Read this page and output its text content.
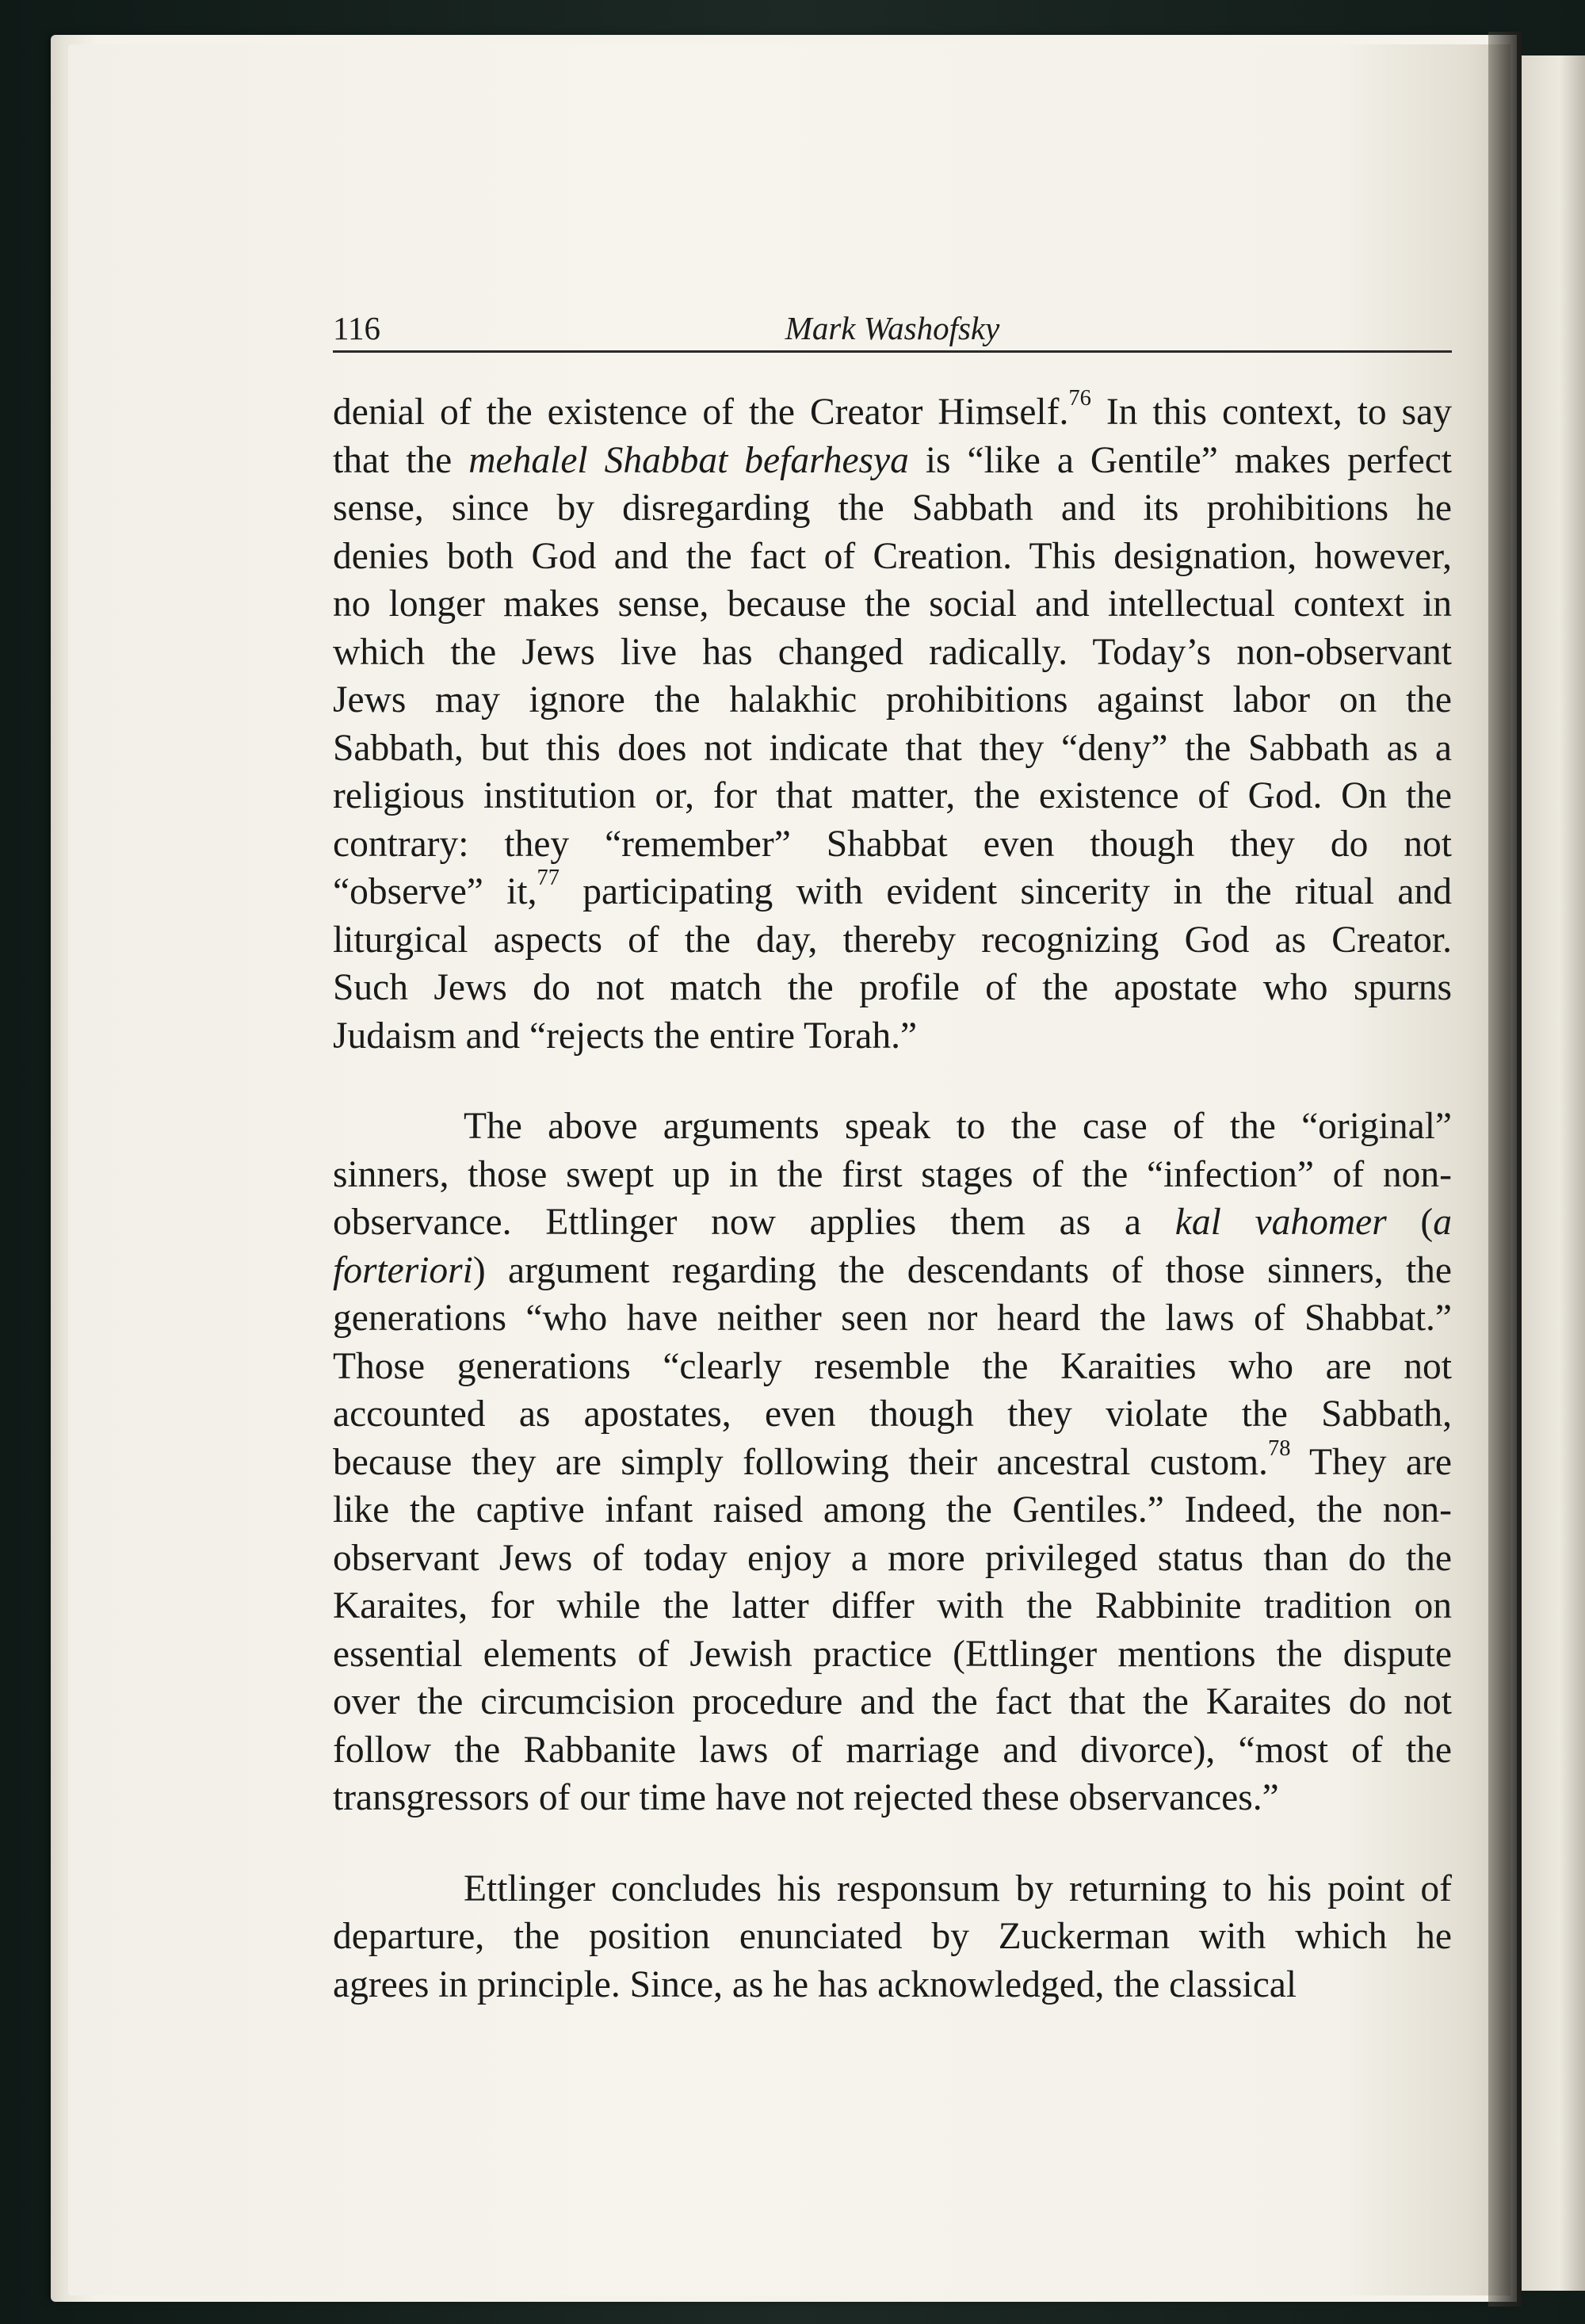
116	Mark Washofsky
denial of the existence of the Creator Himself.$^{76}$ In this context, to say
that the mehalel Shabbat befarhesya is “like a Gentile” makes perfect
sense, since by disregarding the Sabbath and its prohibitions he
denies both God and the fact of Creation. This designation, however,
no longer makes sense, because the social and intellectual context in
which the Jews live has changed radically. Today’s non-observant
Jews may ignore the halakhic prohibitions against labor on the
Sabbath, but this does not indicate that they “deny” the Sabbath as a
religious institution or, for that matter, the existence of God. On the
contrary: they “remember” Shabbat even though they do not
“observe” it,$^{77}$ participating with evident sincerity in the ritual and
liturgical aspects of the day, thereby recognizing God as Creator.
Such Jews do not match the profile of the apostate who spurns
Judaism and “rejects the entire Torah.”
The above arguments speak to the case of the “original”
sinners, those swept up in the first stages of the “infection” of non-
observance. Ettlinger now applies them as a kal vahomer (a
forteriori) argument regarding the descendants of those sinners, the
generations “who have neither seen nor heard the laws of Shabbat.”
Those generations “clearly resemble the Karaities who are not
accounted as apostates, even though they violate the Sabbath,
because they are simply following their ancestral custom.$^{78}$ They are
like the captive infant raised among the Gentiles.” Indeed, the non-
observant Jews of today enjoy a more privileged status than do the
Karaites, for while the latter differ with the Rabbinite tradition on
essential elements of Jewish practice (Ettlinger mentions the dispute
over the circumcision procedure and the fact that the Karaites do not
follow the Rabbanite laws of marriage and divorce), “most of the
transgressors of our time have not rejected these observances.”
Ettlinger concludes his responsum by returning to his point of
departure, the position enunciated by Zuckerman with which he
agrees in principle. Since, as he has acknowledged, the classical
